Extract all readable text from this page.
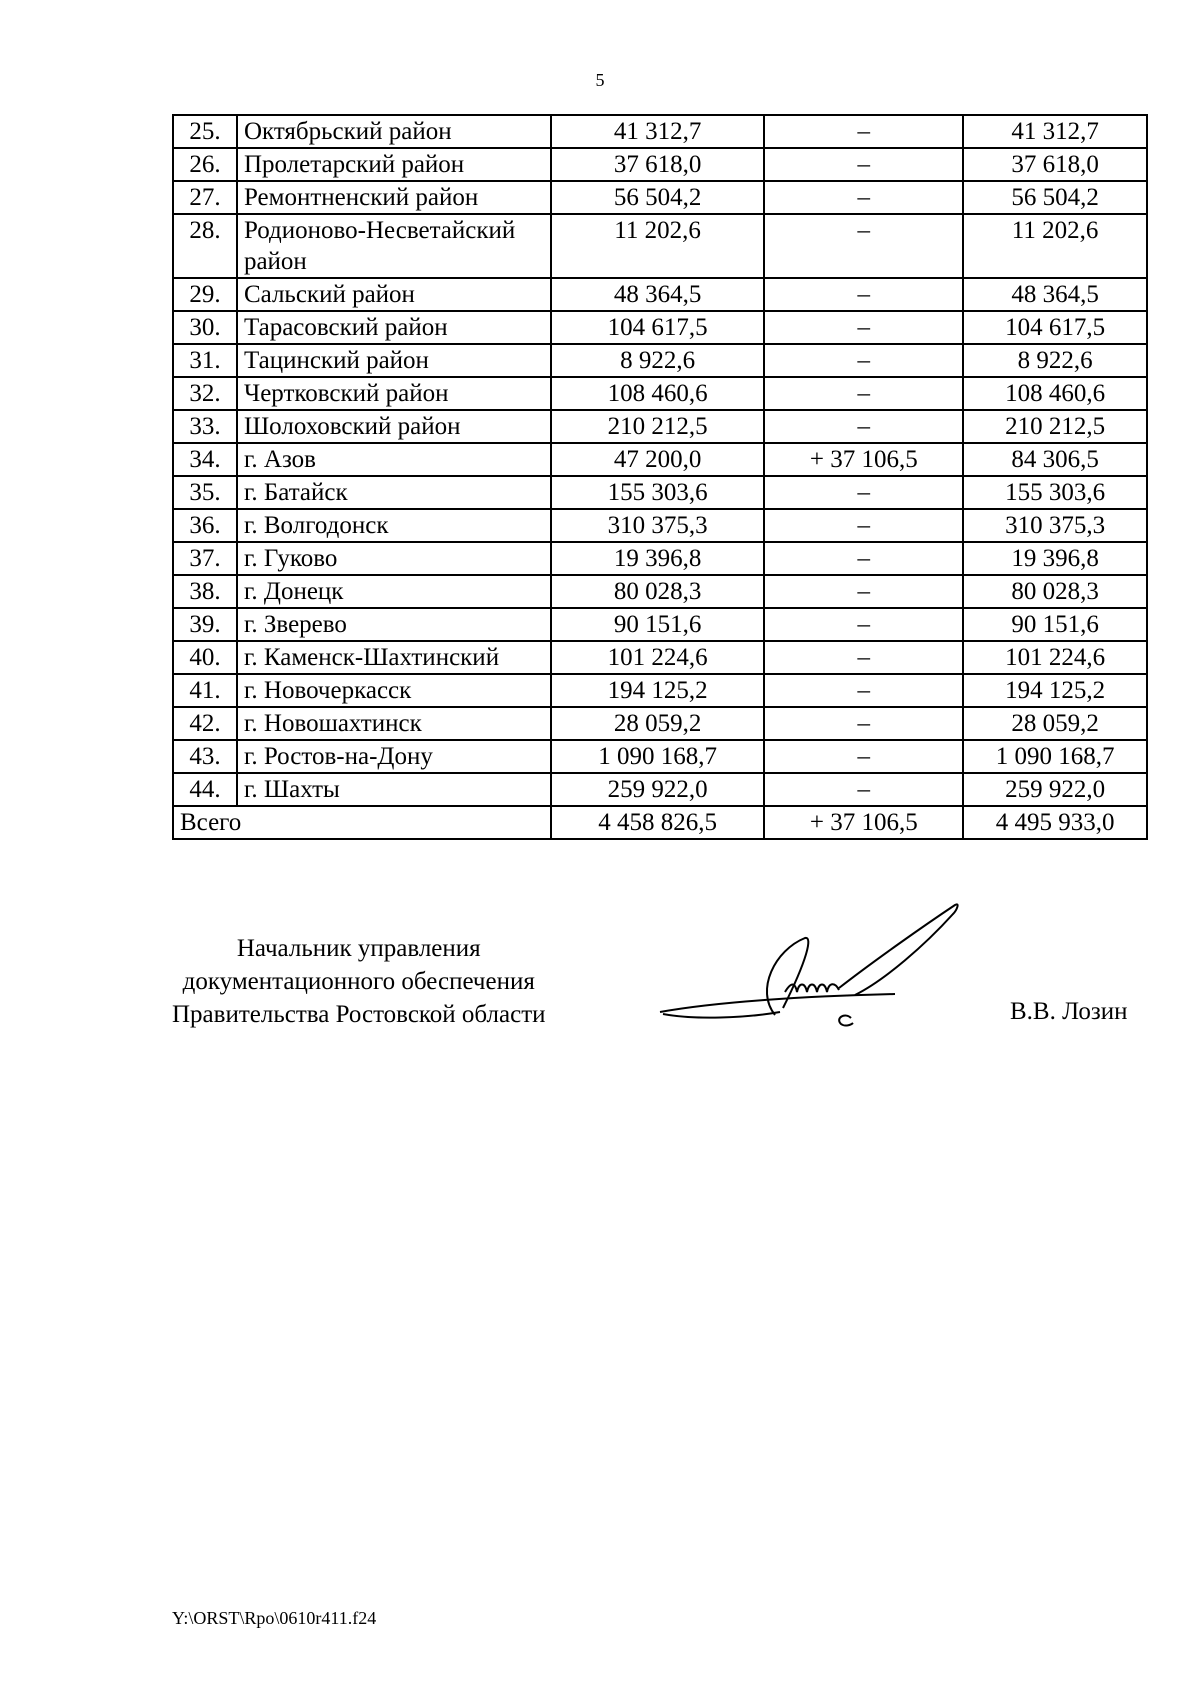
5
25.	Октябрьский район	41 312,7	–	41 312,7
26.	Пролетарский район	37 618,0	–	37 618,0
27.	Ремонтненский район	56 504,2	–	56 504,2
28.	Родионово-Несветайский район	11 202,6	–	11 202,6
29.	Сальский район	48 364,5	–	48 364,5
30.	Тарасовский район	104 617,5	–	104 617,5
31.	Тацинский район	8 922,6	–	8 922,6
32.	Чертковский район	108 460,6	–	108 460,6
33.	Шолоховский район	210 212,5	–	210 212,5
34.	г. Азов	47 200,0	+ 37 106,5	84 306,5
35.	г. Батайск	155 303,6	–	155 303,6
36.	г. Волгодонск	310 375,3	–	310 375,3
37.	г. Гуково	19 396,8	–	19 396,8
38.	г. Донецк	80 028,3	–	80 028,3
39.	г. Зверево	90 151,6	–	90 151,6
40.	г. Каменск-Шахтинский	101 224,6	–	101 224,6
41.	г. Новочеркасск	194 125,2	–	194 125,2
42.	г. Новошахтинск	28 059,2	–	28 059,2
43.	г. Ростов-на-Дону	1 090 168,7	–	1 090 168,7
44.	г. Шахты	259 922,0	–	259 922,0
Всего		4 458 826,5	+ 37 106,5	4 495 933,0
Начальник управления
документационного обеспечения
Правительства Ростовской области	В.В. Лозин
Y:\ORST\Rpo\0610r411.f24
